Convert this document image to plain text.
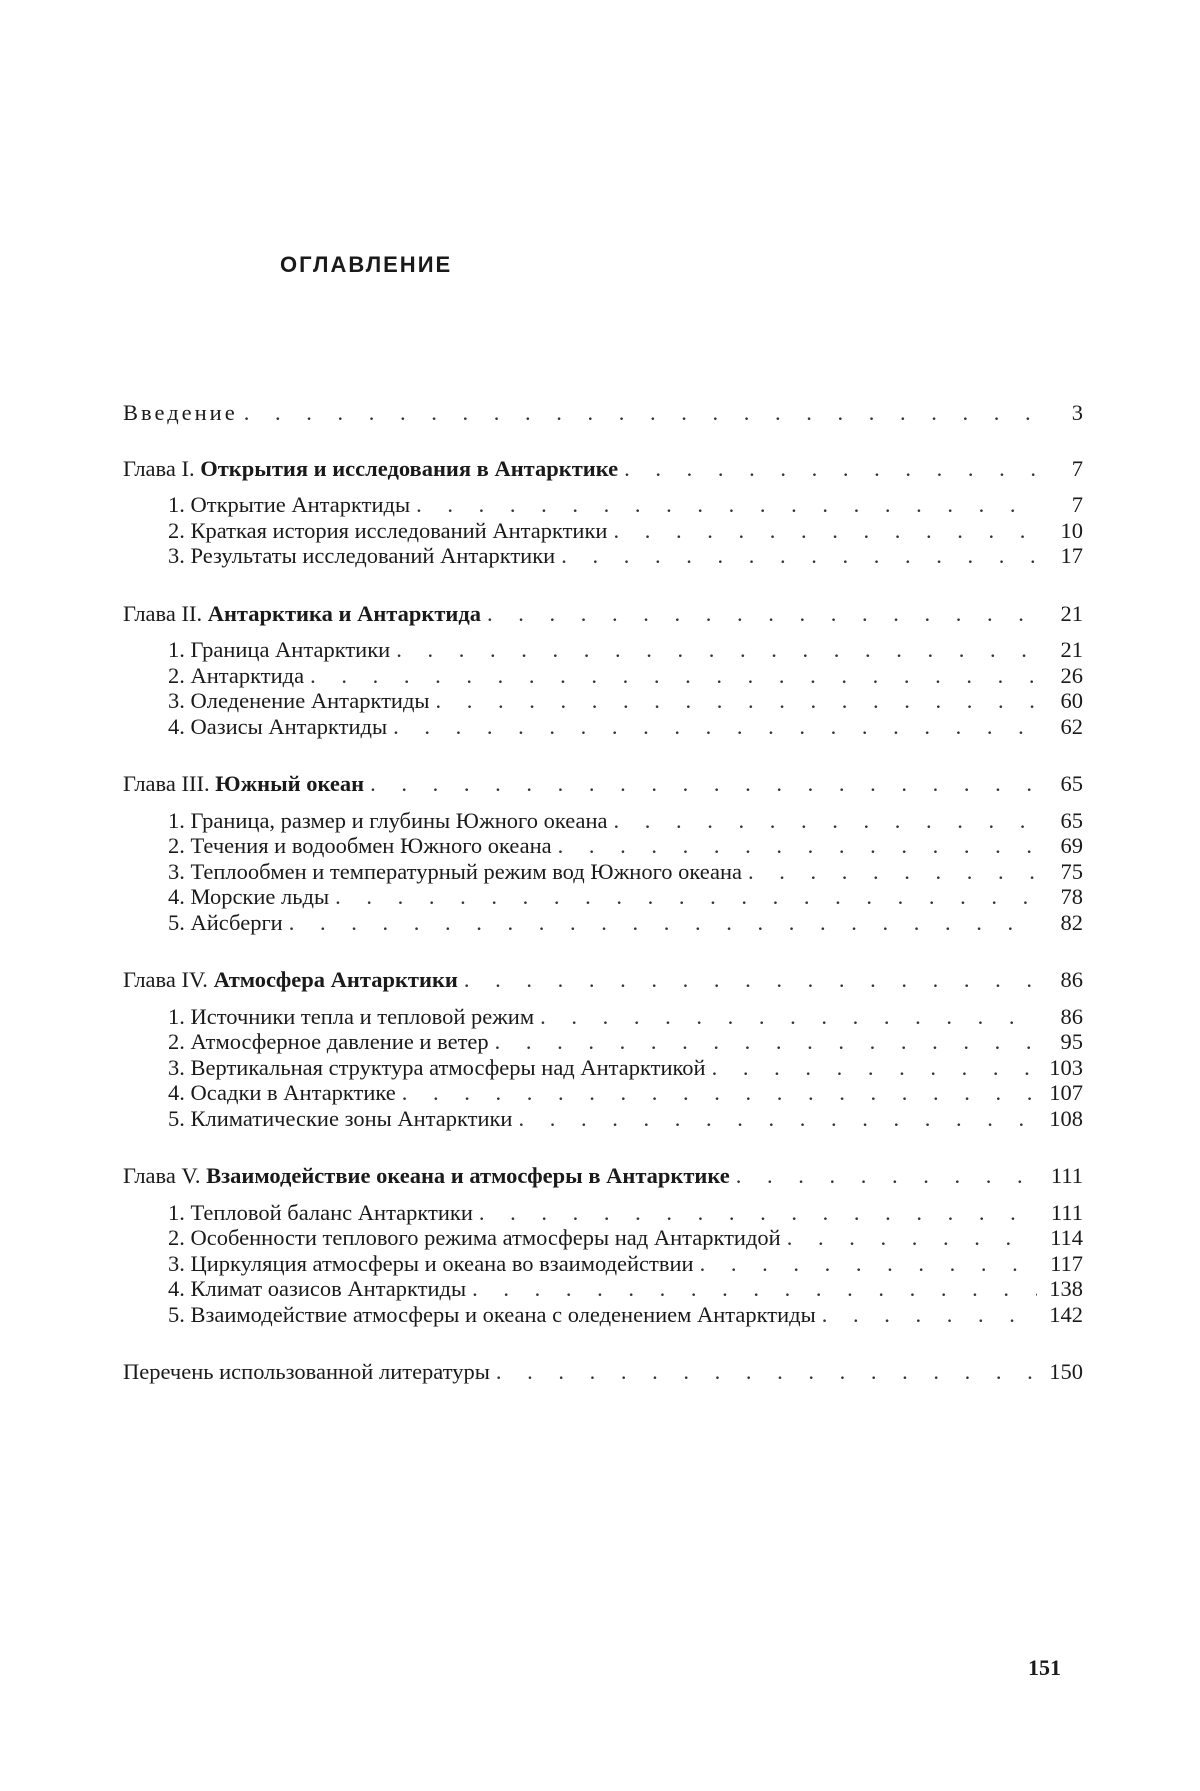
ОГЛАВЛЕНИЕ
Введение
. . .	3
Глава I. Открытия и исследования в Антарктике
. . .	7
1. Открытие Антарктиды
. . .	7
2. Краткая история исследований Антарктики
. . .	10
3. Результаты исследований Антарктики
. . .	17
Глава II. Антарктика и Антарктида
. . .	21
1. Граница Антарктики
. . .	21
2. Антарктида
. . .	26
3. Оледенение Антарктиды
. . .	60
4. Оазисы Антарктиды
. . .	62
Глава III. Южный океан
. . .	65
1. Граница, размер и глубины Южного океана
. . .	65
2. Течения и водообмен Южного океана
. . .	69
3. Теплообмен и температурный режим вод Южного океана
. . .	75
4. Морские льды
. . .	78
5. Айсберги
. . .	82
Глава IV. Атмосфера Антарктики
. . .	86
1. Источники тепла и тепловой режим
. . .	86
2. Атмосферное давление и ветер
. . .	95
3. Вертикальная структура атмосферы над Антарктикой
. . .	103
4. Осадки в Антарктике
. . .	107
5. Климатические зоны Антарктики
. . .	108
Глава V. Взаимодействие океана и атмосферы в Антарктике
. . .	111
1. Тепловой баланс Антарктики
. . .	111
2. Особенности теплового режима атмосферы над Антарктидой
. . .	114
3. Циркуляция атмосферы и океана во взаимодействии
. . .	117
4. Климат оазисов Антарктиды
. . .	138
5. Взаимодействие атмосферы и океана с оледенением Антарктиды
. . .	142
Перечень использованной литературы
. . .	150
151
